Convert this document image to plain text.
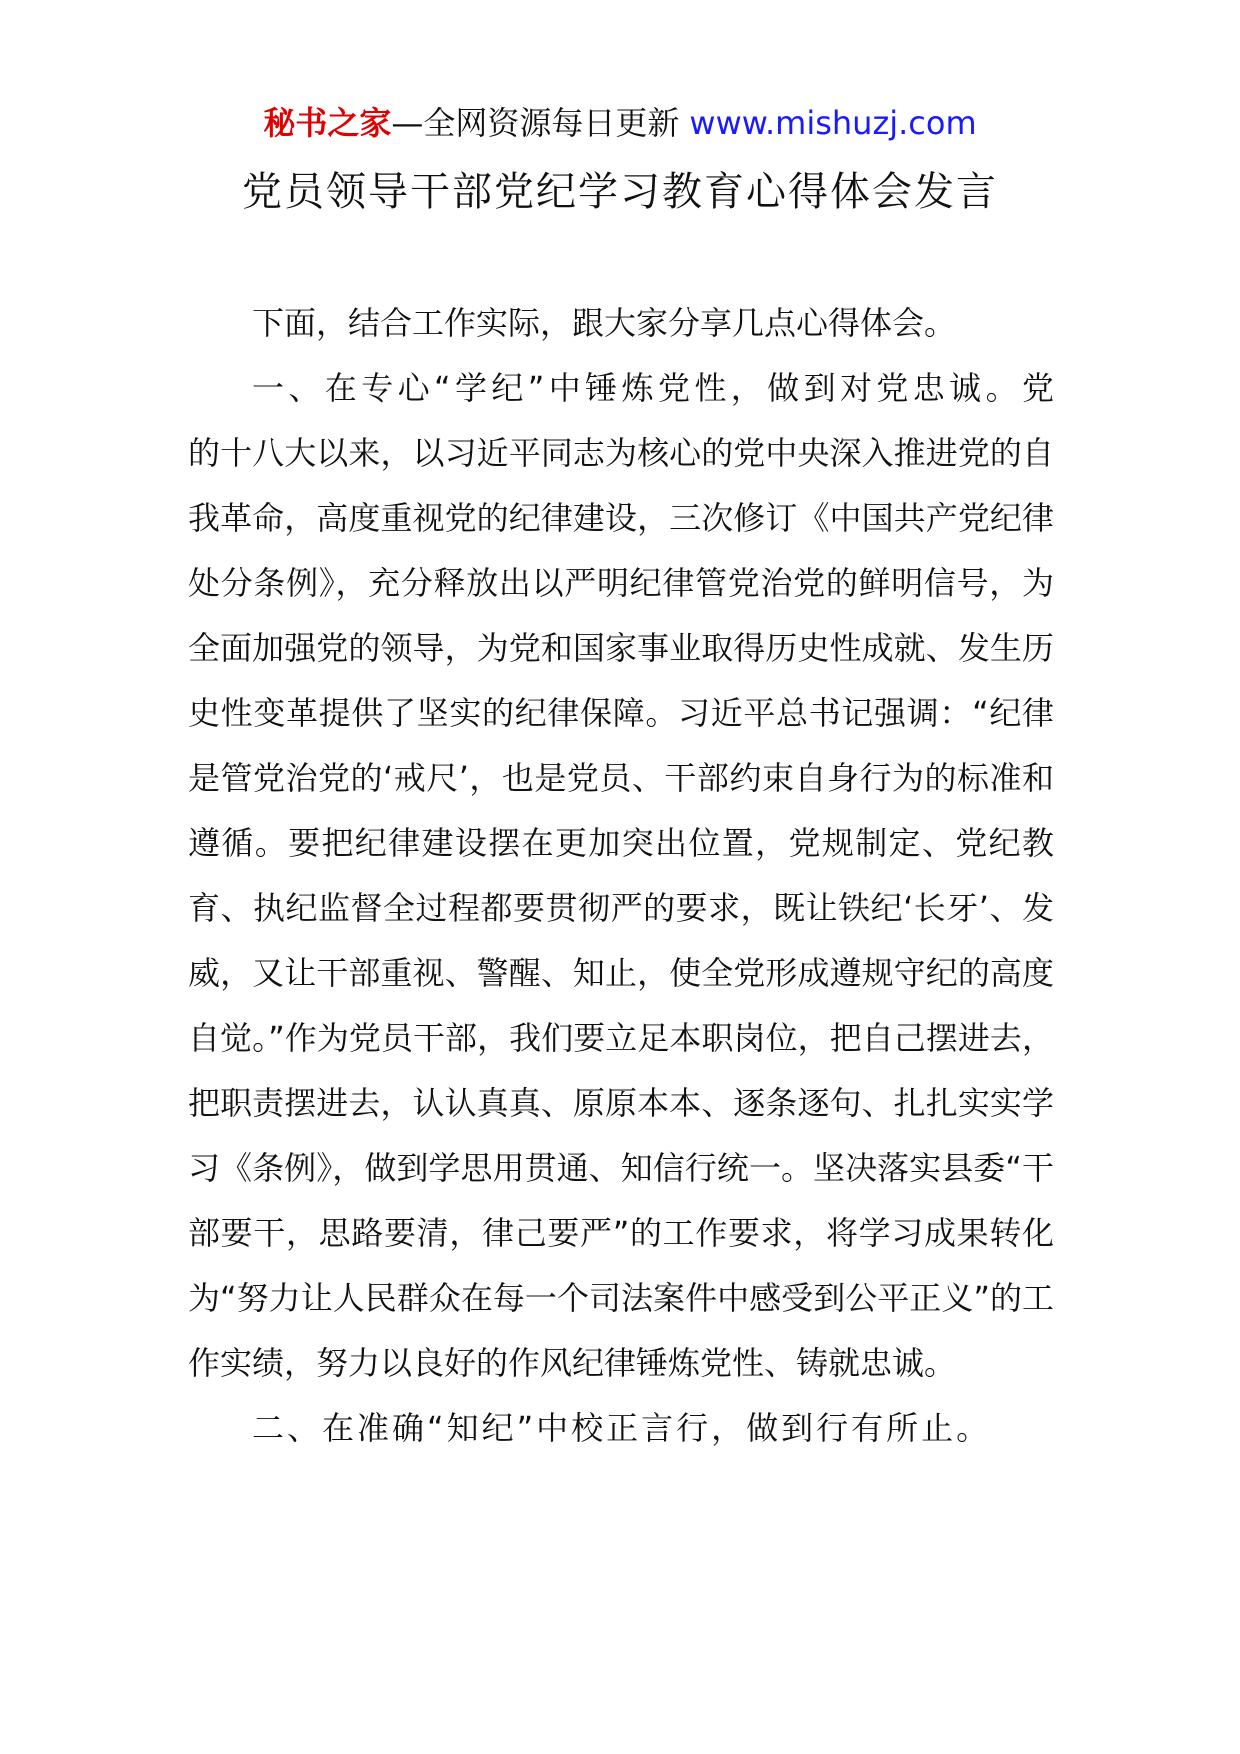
秘书之家—全网资源每日更新 www.mishuzj.com
党员领导干部党纪学习教育心得体会发言

下面，结合工作实际，跟大家分享几点心得体会。

一、在专心“学纪”中锤炼党性，做到对党忠诚。党的十八大以来，以习近平同志为核心的党中央深入推进党的自我革命，高度重视党的纪律建设，三次修订《中国共产党纪律处分条例》，充分释放出以严明纪律管党治党的鲜明信号，为全面加强党的领导，为党和国家事业取得历史性成就、发生历史性变革提供了坚实的纪律保障。习近平总书记强调：“纪律是管党治党的‘戒尺’，也是党员、干部约束自身行为的标准和遵循。要把纪律建设摆在更加突出位置，党规制定、党纪教育、执纪监督全过程都要贯彻严的要求，既让铁纪‘长牙’、发威，又让干部重视、警醒、知止，使全党形成遵规守纪的高度自觉。”作为党员干部，我们要立足本职岗位，把自己摆进去，把职责摆进去，认认真真、原原本本、逐条逐句、扎扎实实学习《条例》，做到学思用贯通、知信行统一。坚决落实县委“干部要干，思路要清，律己要严”的工作要求，将学习成果转化为“努力让人民群众在每一个司法案件中感受到公平正义”的工作实绩，努力以良好的作风纪律锤炼党性、铸就忠诚。

二、在准确“知纪”中校正言行，做到行有所止。
